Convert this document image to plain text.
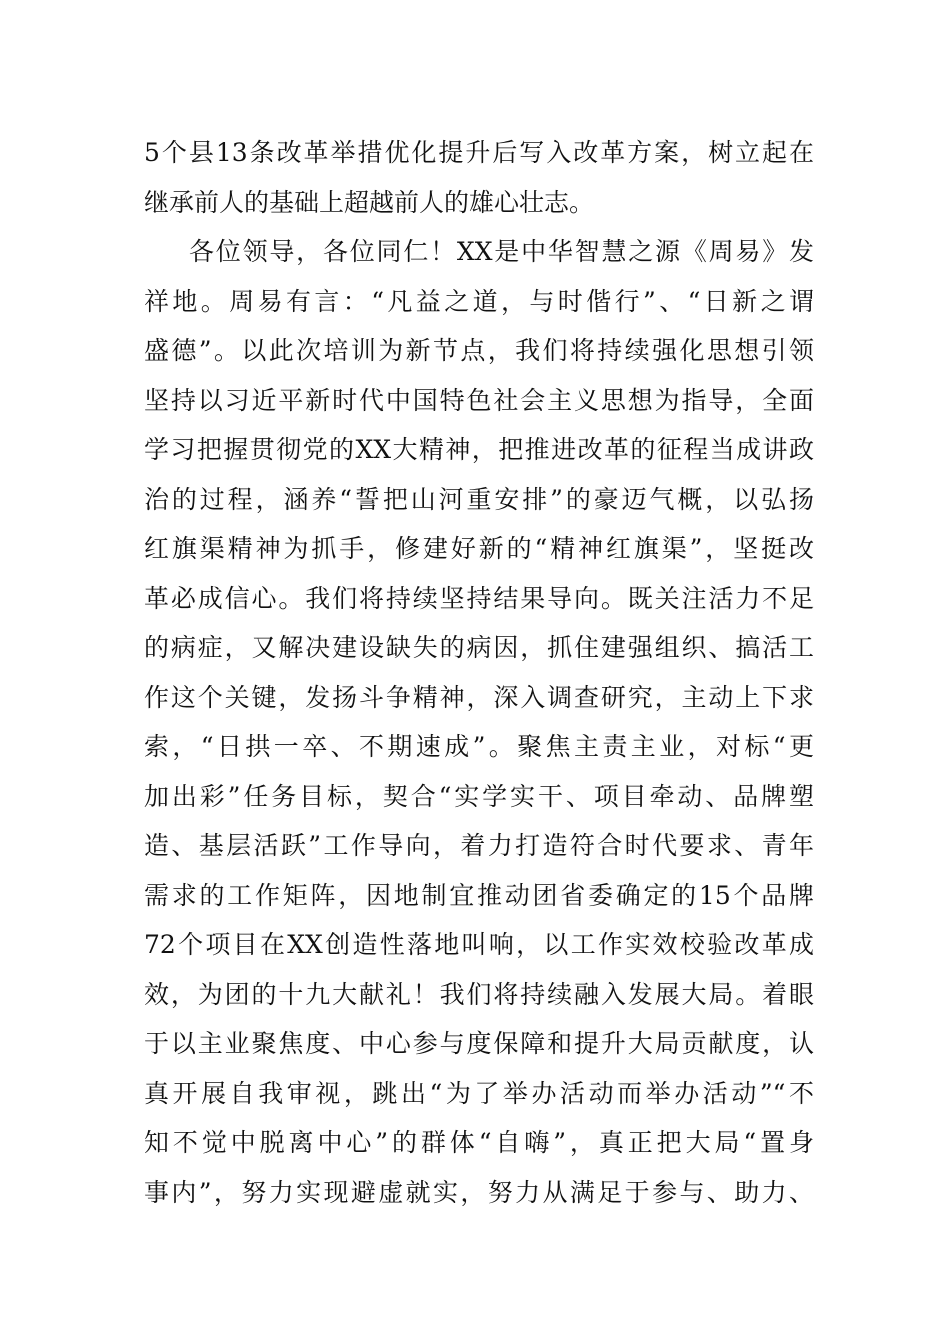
5个县13条改革举措优化提升后写入改革方案，树立起在
继承前人的基础上超越前人的雄心壮志。
各位领导，各位同仁！XX是中华智慧之源《周易》发
祥地。周易有言：“凡益之道，与时偕行”、“日新之谓
盛德”。以此次培训为新节点，我们将持续强化思想引领
坚持以习近平新时代中国特色社会主义思想为指导，全面
学习把握贯彻党的XX大精神，把推进改革的征程当成讲政
治的过程，涵养“誓把山河重安排”的豪迈气概，以弘扬
红旗渠精神为抓手，修建好新的“精神红旗渠”，坚挺改
革必成信心。我们将持续坚持结果导向。既关注活力不足
的病症，又解决建设缺失的病因，抓住建强组织、搞活工
作这个关键，发扬斗争精神，深入调查研究，主动上下求
索，“日拱一卒、不期速成”。聚焦主责主业，对标“更
加出彩”任务目标，契合“实学实干、项目牵动、品牌塑
造、基层活跃”工作导向，着力打造符合时代要求、青年
需求的工作矩阵，因地制宜推动团省委确定的15个品牌
72个项目在XX创造性落地叫响，以工作实效校验改革成
效，为团的十九大献礼！我们将持续融入发展大局。着眼
于以主业聚焦度、中心参与度保障和提升大局贡献度，认
真开展自我审视，跳出“为了举办活动而举办活动”“不
知不觉中脱离中心”的群体“自嗨”，真正把大局“置身
事内”，努力实现避虚就实，努力从满足于参与、助力、
